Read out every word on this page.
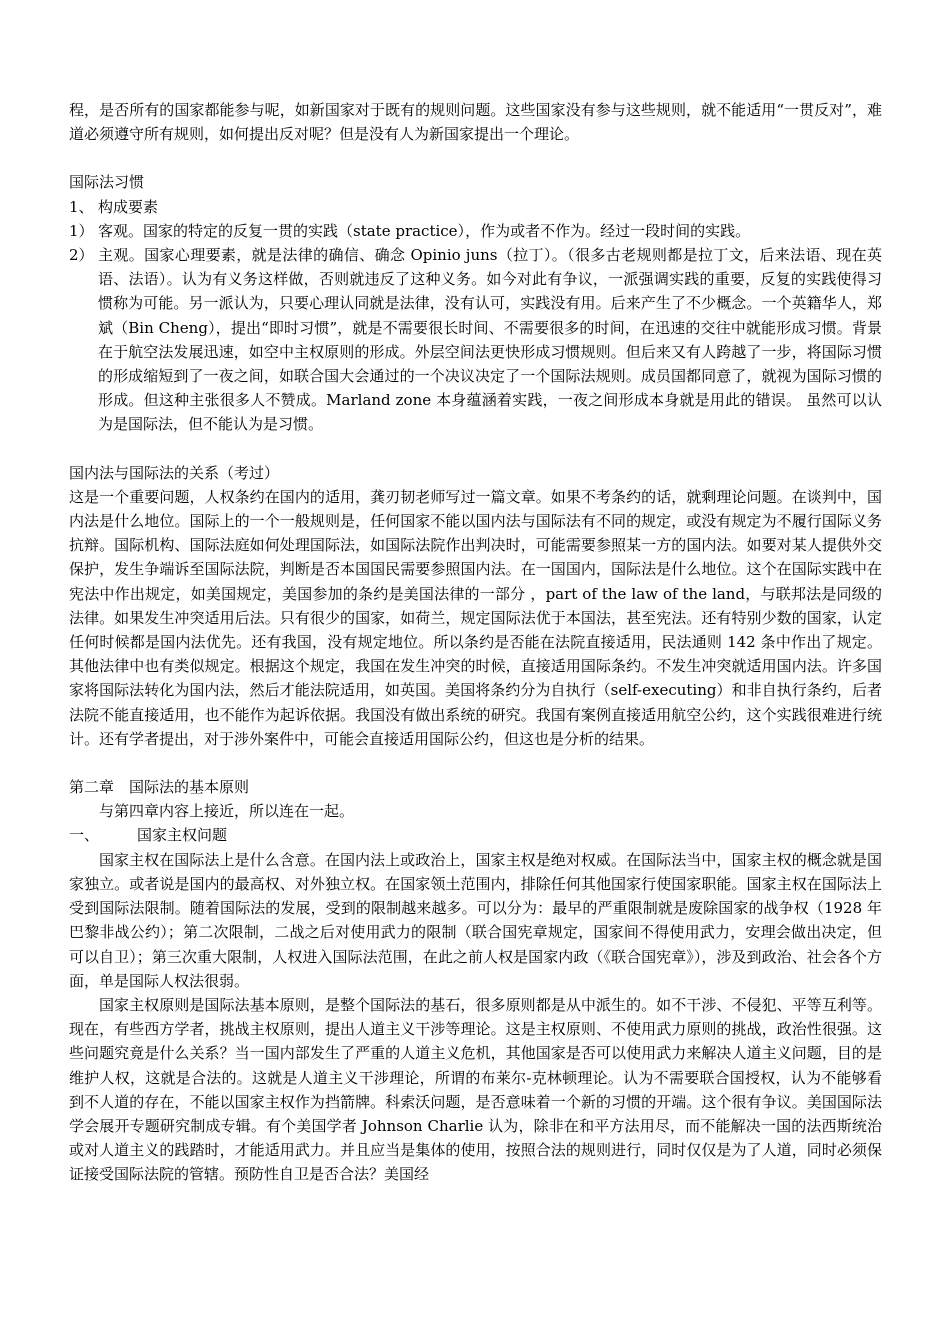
程，是否所有的国家都能参与呢，如新国家对于既有的规则问题。这些国家没有参与这些规则，就不能适用“一贯反对”，难道必须遵守所有规则，如何提出反对呢？但是没有人为新国家提出一个理论。

国际法习惯

1、 构成要素
1） 客观。国家的特定的反复一贯的实践（state practice），作为或者不作为。经过一段时间的实践。
2） 主观。国家心理要素，就是法律的确信、确念 Opinio juns（拉丁）。（很多古老规则都是拉丁文，后来法语、现在英语、法语）。认为有义务这样做，否则就违反了这种义务。如今对此有争议，一派强调实践的重要，反复的实践使得习惯称为可能。另一派认为，只要心理认同就是法律，没有认可，实践没有用。后来产生了不少概念。一个英籍华人，郑斌（Bin Cheng），提出“即时习惯”，就是不需要很长时间、不需要很多的时间，在迅速的交往中就能形成习惯。背景在于航空法发展迅速，如空中主权原则的形成。外层空间法更快形成习惯规则。但后来又有人跨越了一步，将国际习惯的形成缩短到了一夜之间，如联合国大会通过的一个决议决定了一个国际法规则。成员国都同意了，就视为国际习惯的形成。但这种主张很多人不赞成。Marland zone 本身蕴涵着实践，一夜之间形成本身就是用此的错误。 虽然可以认为是国际法，但不能认为是习惯。

国内法与国际法的关系（考过）

这是一个重要问题，人权条约在国内的适用，龚刃韧老师写过一篇文章。如果不考条约的话，就剩理论问题。在谈判中，国内法是什么地位。国际上的一个一般规则是，任何国家不能以国内法与国际法有不同的规定，或没有规定为不履行国际义务抗辩。国际机构、国际法庭如何处理国际法，如国际法院作出判决时，可能需要参照某一方的国内法。如要对某人提供外交保护，发生争端诉至国际法院，判断是否本国国民需要参照国内法。在一国国内，国际法是什么地位。这个在国际实践中在宪法中作出规定，如美国规定，美国参加的条约是美国法律的一部分 ，part of the law of the land，与联邦法是同级的法律。如果发生冲突适用后法。只有很少的国家，如荷兰，规定国际法优于本国法，甚至宪法。还有特别少数的国家，认定任何时候都是国内法优先。还有我国，没有规定地位。所以条约是否能在法院直接适用，民法通则 142 条中作出了规定。其他法律中也有类似规定。根据这个规定，我国在发生冲突的时候，直接适用国际条约。不发生冲突就适用国内法。许多国家将国际法转化为国内法，然后才能法院适用，如英国。美国将条约分为自执行（self-executing）和非自执行条约，后者法院不能直接适用，也不能作为起诉依据。我国没有做出系统的研究。我国有案例直接适用航空公约，这个实践很难进行统计。还有学者提出，对于涉外案件中，可能会直接适用国际公约，但这也是分析的结果。

第二章　国际法的基本原则

与第四章内容上接近，所以连在一起。

一、	国家主权问题

国家主权在国际法上是什么含意。在国内法上或政治上，国家主权是绝对权威。在国际法当中，国家主权的概念就是国家独立。或者说是国内的最高权、对外独立权。在国家领土范围内，排除任何其他国家行使国家职能。国家主权在国际法上受到国际法限制。随着国际法的发展，受到的限制越来越多。可以分为：最早的严重限制就是废除国家的战争权（1928 年巴黎非战公约）；第二次限制，二战之后对使用武力的限制（联合国宪章规定，国家间不得使用武力，安理会做出决定，但可以自卫）；第三次重大限制，人权进入国际法范围，在此之前人权是国家内政（《联合国宪章》），涉及到政治、社会各个方面，单是国际人权法很弱。

国家主权原则是国际法基本原则，是整个国际法的基石，很多原则都是从中派生的。如不干涉、不侵犯、平等互利等。现在，有些西方学者，挑战主权原则，提出人道主义干涉等理论。这是主权原则、不使用武力原则的挑战，政治性很强。这些问题究竟是什么关系？当一国内部发生了严重的人道主义危机，其他国家是否可以使用武力来解决人道主义问题，目的是维护人权，这就是合法的。这就是人道主义干涉理论，所谓的布莱尔-克林顿理论。认为不需要联合国授权，认为不能够看到不人道的存在，不能以国家主权作为挡箭牌。科索沃问题，是否意味着一个新的习惯的开端。这个很有争议。美国国际法学会展开专题研究制成专辑。有个美国学者 Johnson Charlie 认为，除非在和平方法用尽，而不能解决一国的法西斯统治或对人道主义的践踏时，才能适用武力。并且应当是集体的使用，按照合法的规则进行，同时仅仅是为了人道，同时必须保证接受国际法院的管辖。预防性自卫是否合法？美国经
